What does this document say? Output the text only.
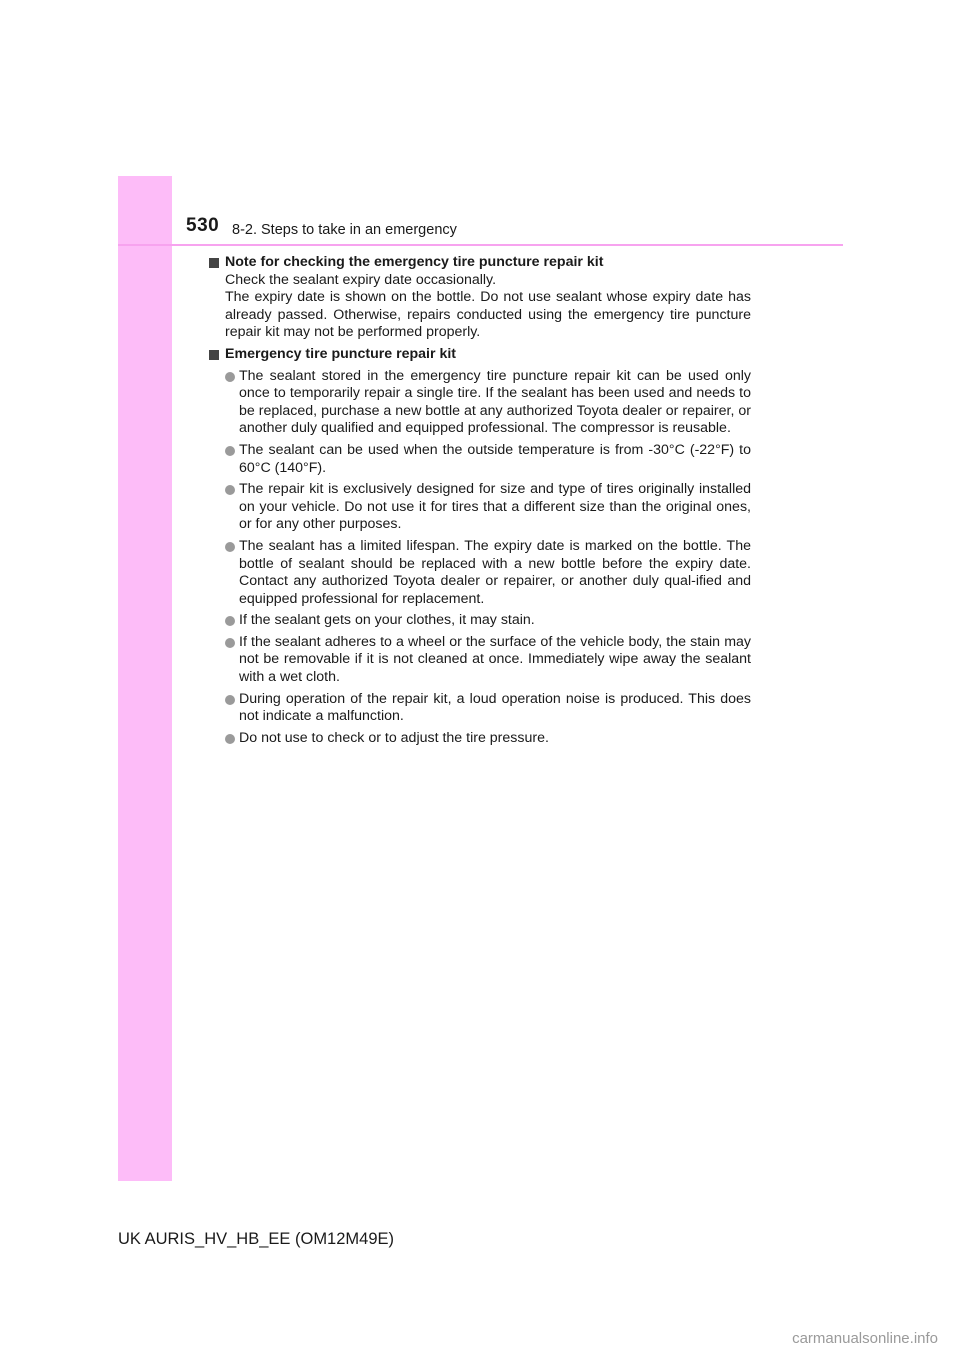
530 8-2. Steps to take in an emergency
Note for checking the emergency tire puncture repair kit
Check the sealant expiry date occasionally.
The expiry date is shown on the bottle. Do not use sealant whose expiry date has already passed. Otherwise, repairs conducted using the emergency tire puncture repair kit may not be performed properly.
Emergency tire puncture repair kit
The sealant stored in the emergency tire puncture repair kit can be used only once to temporarily repair a single tire. If the sealant has been used and needs to be replaced, purchase a new bottle at any authorized Toyota dealer or repairer, or another duly qualified and equipped professional. The compressor is reusable.
The sealant can be used when the outside temperature is from -30°C (-22°F) to 60°C (140°F).
The repair kit is exclusively designed for size and type of tires originally installed on your vehicle. Do not use it for tires that a different size than the original ones, or for any other purposes.
The sealant has a limited lifespan. The expiry date is marked on the bottle. The bottle of sealant should be replaced with a new bottle before the expiry date. Contact any authorized Toyota dealer or repairer, or another duly qual-ified and equipped professional for replacement.
If the sealant gets on your clothes, it may stain.
If the sealant adheres to a wheel or the surface of the vehicle body, the stain may not be removable if it is not cleaned at once. Immediately wipe away the sealant with a wet cloth.
During operation of the repair kit, a loud operation noise is produced. This does not indicate a malfunction.
Do not use to check or to adjust the tire pressure.
UK AURIS_HV_HB_EE (OM12M49E)
carmanualsonline.info
